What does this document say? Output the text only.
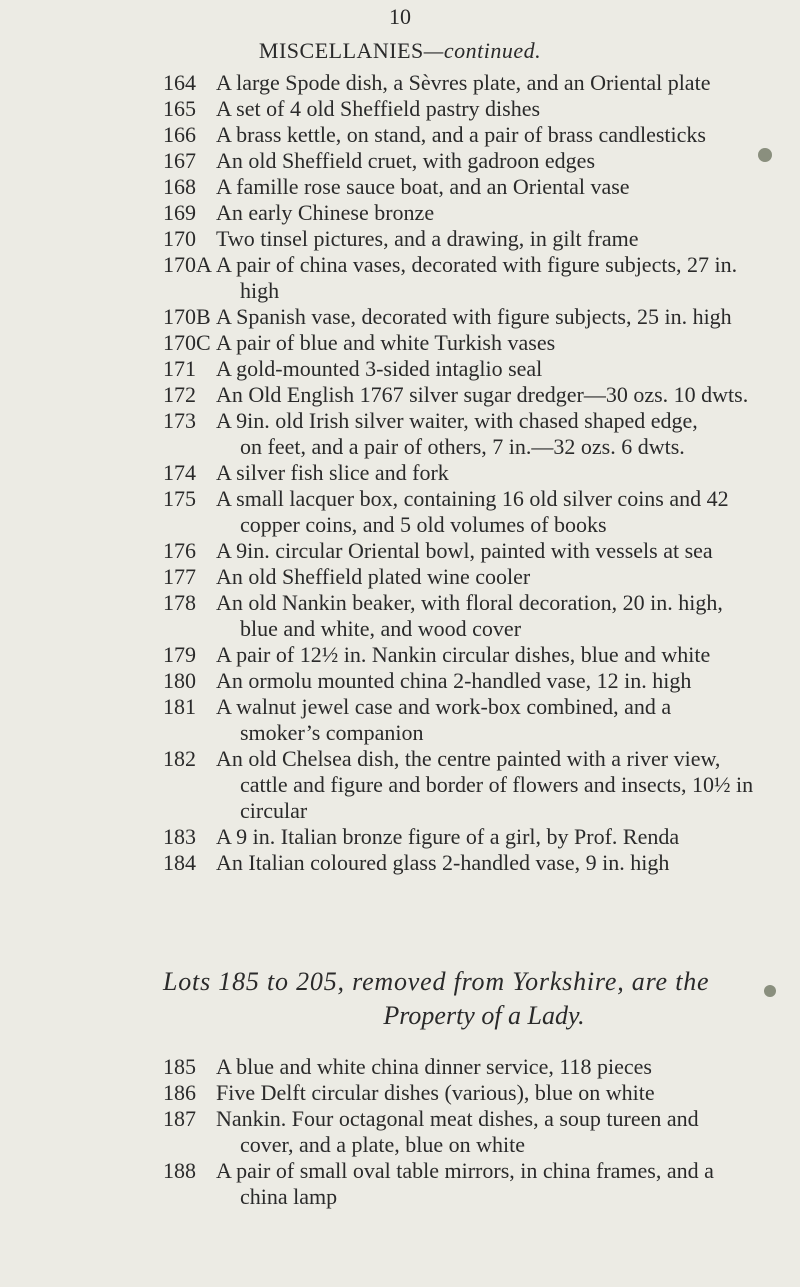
10
MISCELLANIES—continued.
164 A large Spode dish, a Sèvres plate, and an Oriental plate
165 A set of 4 old Sheffield pastry dishes
166 A brass kettle, on stand, and a pair of brass candlesticks
167 An old Sheffield cruet, with gadroon edges
168 A famille rose sauce boat, and an Oriental vase
169 An early Chinese bronze
170 Two tinsel pictures, and a drawing, in gilt frame
170A A pair of china vases, decorated with figure subjects, 27 in.
high
170B A Spanish vase, decorated with figure subjects, 25 in. high
170C A pair of blue and white Turkish vases
171 A gold-mounted 3-sided intaglio seal
172 An Old English 1767 silver sugar dredger—30 ozs. 10 dwts.
173 A 9in. old Irish silver waiter, with chased shaped edge,
on feet, and a pair of others, 7 in.—32 ozs. 6 dwts.
174 A silver fish slice and fork
175 A small lacquer box, containing 16 old silver coins and 42
copper coins, and 5 old volumes of books
176 A 9in. circular Oriental bowl, painted with vessels at sea
177 An old Sheffield plated wine cooler
178 An old Nankin beaker, with floral decoration, 20 in. high,
blue and white, and wood cover
179 A pair of 12½ in. Nankin circular dishes, blue and white
180 An ormolu mounted china 2-handled vase, 12 in. high
181 A walnut jewel case and work-box combined, and a
smoker’s companion
182 An old Chelsea dish, the centre painted with a river view,
cattle and figure and border of flowers and insects, 10½ in
circular
183 A 9 in. Italian bronze figure of a girl, by Prof. Renda
184 An Italian coloured glass 2-handled vase, 9 in. high
Lots 185 to 205, removed from Yorkshire, are the
Property of a Lady.
185 A blue and white china dinner service, 118 pieces
186 Five Delft circular dishes (various), blue on white
187 Nankin. Four octagonal meat dishes, a soup tureen and
cover, and a plate, blue on white
188 A pair of small oval table mirrors, in china frames, and a
china lamp
